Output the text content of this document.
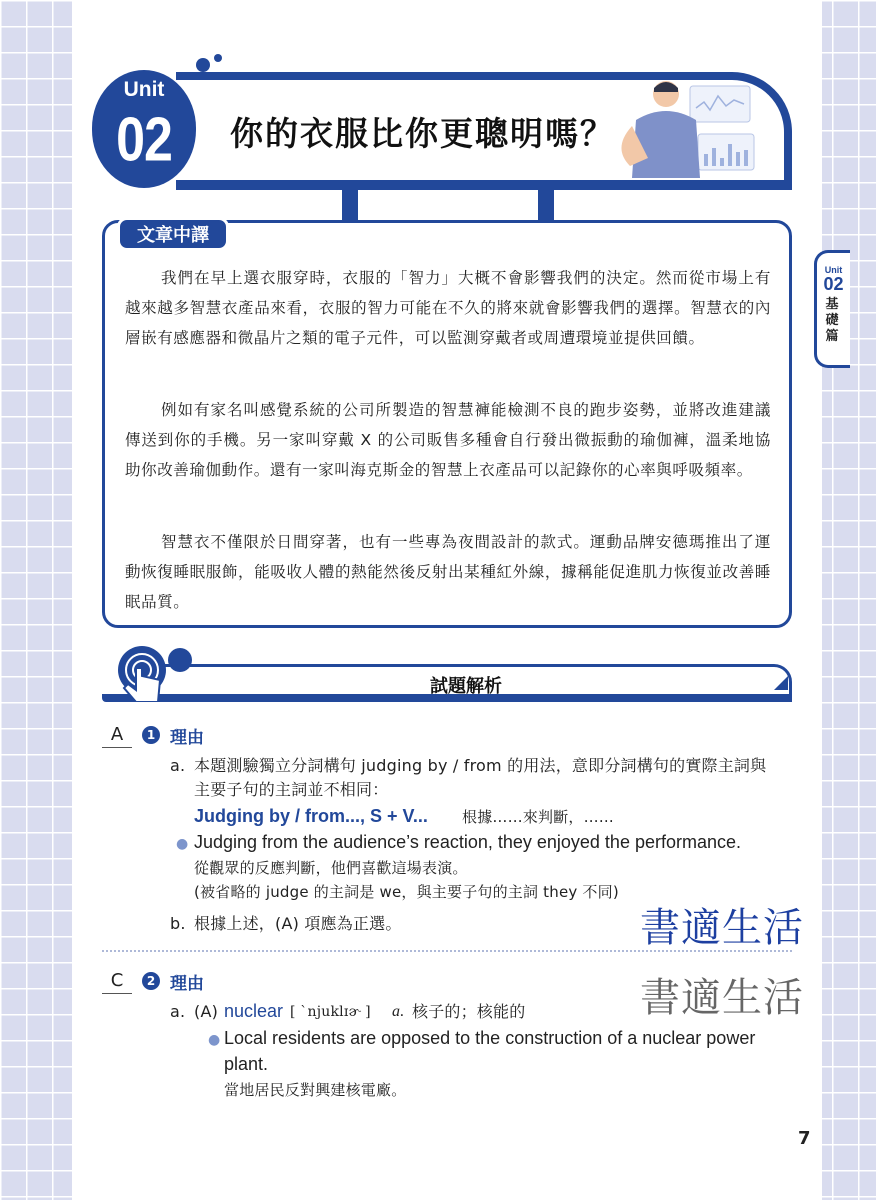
Unit
02	你的衣服比你更聰明嗎？
Unit
02
基礎篇
文章中譯
我們在早上選衣服穿時，衣服的「智力」大概不會影響我們的決定。然而從市場上有越來越多智慧衣產品來看，衣服的智力可能在不久的將來就會影響我們的選擇。智慧衣的內層嵌有感應器和微晶片之類的電子元件，可以監測穿戴者或周遭環境並提供回饋。
例如有家名叫感覺系統的公司所製造的智慧褲能檢測不良的跑步姿勢，並將改進建議傳送到你的手機。另一家叫穿戴 X 的公司販售多種會自行發出微振動的瑜伽褲，溫柔地協助你改善瑜伽動作。還有一家叫海克斯金的智慧上衣產品可以記錄你的心率與呼吸頻率。
智慧衣不僅限於日間穿著，也有一些專為夜間設計的款式。運動品牌安德瑪推出了運動恢復睡眠服飾，能吸收人體的熱能然後反射出某種紅外線，據稱能促進肌力恢復並改善睡眠品質。
試題解析
A	1 理由
a. 本題測驗獨立分詞構句 judging by / from 的用法，意即分詞構句的實際主詞與
主要子句的主詞並不相同：
Judging by / from..., S + V... 根據……來判斷，……
● Judging from the audience’s reaction, they enjoyed the performance.
從觀眾的反應判斷，他們喜歡這場表演。
(被省略的 judge 的主詞是 we，與主要子句的主詞 they 不同)
b. 根據上述，(A) 項應為正選。	書適生活
C	2 理由
a. (A) nuclear [ ˋnjuklɪɚ ] a. 核子的；核能的
● Local residents are opposed to the construction of a nuclear power
plant.
當地居民反對興建核電廠。
書適生活
7
